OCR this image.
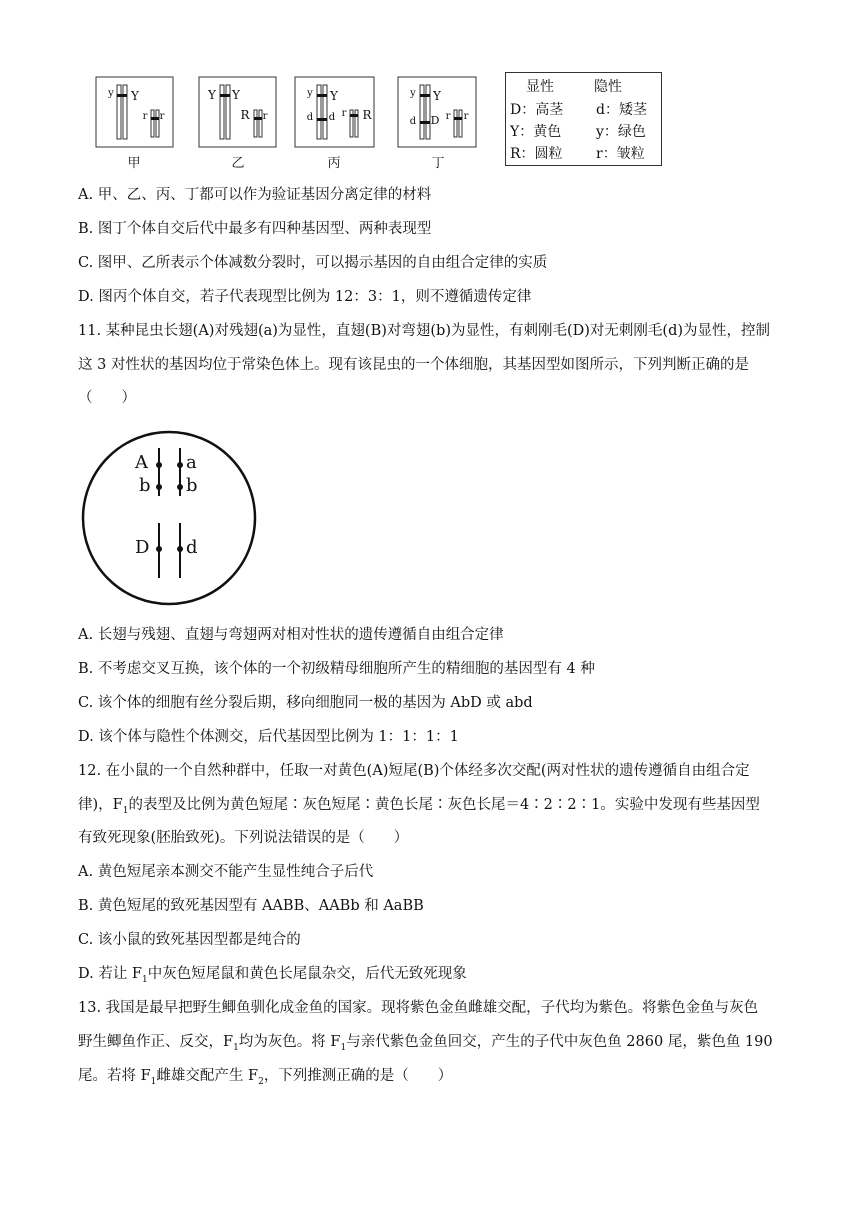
y	Y
r	r
Y	Y
R	r
y	Y
d	d r	R
y	Y
d	D r	r
甲	乙	丙	丁
显性	隐性
D：高茎 d：矮茎
Y：黄色 y：绿色
R：圆粒 r：皱粒
A. 甲、乙、丙、丁都可以作为验证基因分离定律的材料
B. 图丁个体自交后代中最多有四种基因型、两种表现型
C. 图甲、乙所表示个体减数分裂时，可以揭示基因的自由组合定律的实质
D. 图丙个体自交，若子代表现型比例为 12：3：1，则不遵循遗传定律
11. 某种昆虫长翅(A)对残翅(a)为显性，直翅(B)对弯翅(b)为显性，有刺刚毛(D)对无刺刚毛(d)为显性，控制
这 3 对性状的基因均位于常染色体上。现有该昆虫的一个体细胞，其基因型如图所示，下列判断正确的是
（　　）
A a
b b
D d
A. 长翅与残翅、直翅与弯翅两对相对性状的遗传遵循自由组合定律
B. 不考虑交叉互换，该个体的一个初级精母细胞所产生的精细胞的基因型有 4 种
C. 该个体的细胞有丝分裂后期，移向细胞同一极的基因为 AbD 或 abd
D. 该个体与隐性个体测交，后代基因型比例为 1：1：1：1
12. 在小鼠的一个自然种群中，任取一对黄色(A)短尾(B)个体经多次交配(两对性状的遗传遵循自由组合定
律)，$F_1$的表型及比例为黄色短尾∶灰色短尾∶黄色长尾∶灰色长尾＝4∶2∶2∶1。实验中发现有些基因型
有致死现象(胚胎致死)。下列说法错误的是（　　）
A. 黄色短尾亲本测交不能产生显性纯合子后代
B. 黄色短尾的致死基因型有 AABB、AABb 和 AaBB
C. 该小鼠的致死基因型都是纯合的
D. 若让 $F_1$中灰色短尾鼠和黄色长尾鼠杂交，后代无致死现象
13. 我国是最早把野生鲫鱼驯化成金鱼的国家。现将紫色金鱼雌雄交配，子代均为紫色。将紫色金鱼与灰色
野生鲫鱼作正、反交，$F_1$均为灰色。将 $F_1$与亲代紫色金鱼回交，产生的子代中灰色鱼 2860 尾，紫色鱼 190
尾。若将 $F_1$雌雄交配产生 $F_2$，下列推测正确的是（　　）
